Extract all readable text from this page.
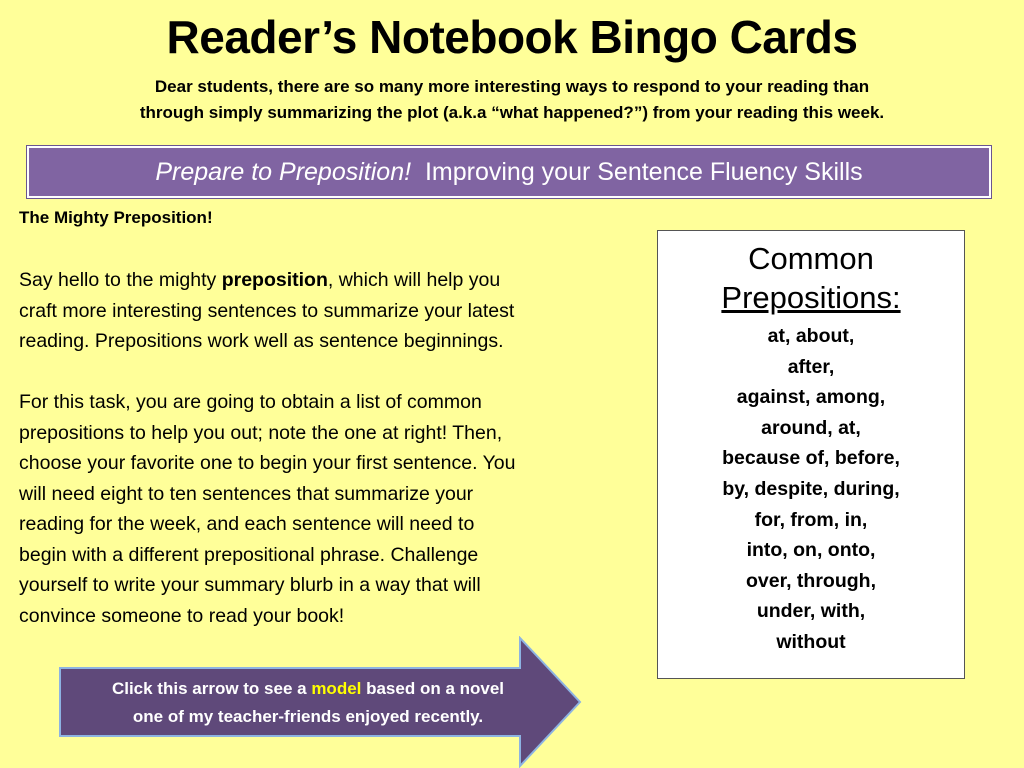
Reader’s Notebook Bingo Cards
Dear students, there are so many more interesting ways to respond to your reading than
through simply summarizing the plot (a.k.a “what happened?”) from your reading this week.
Prepare to Preposition! Improving your Sentence Fluency Skills
The Mighty Preposition!

Say hello to the mighty preposition, which will help you
craft more interesting sentences to summarize your latest
reading. Prepositions work well as sentence beginnings.

For this task, you are going to obtain a list of common
prepositions to help you out; note the one at right! Then,
choose your favorite one to begin your first sentence. You
will need eight to ten sentences that summarize your
reading for the week, and each sentence will need to
begin with a different prepositional phrase. Challenge
yourself to write your summary blurb in a way that will
convince someone to read your book!

Common
Prepositions:
at, about,
after,
against, among,
around, at,
because of, before,
by, despite, during,
for, from, in,
into, on, onto,
over, through,
under, with,
without
Click this arrow to see a model based on a novel
one of my teacher-friends enjoyed recently.
